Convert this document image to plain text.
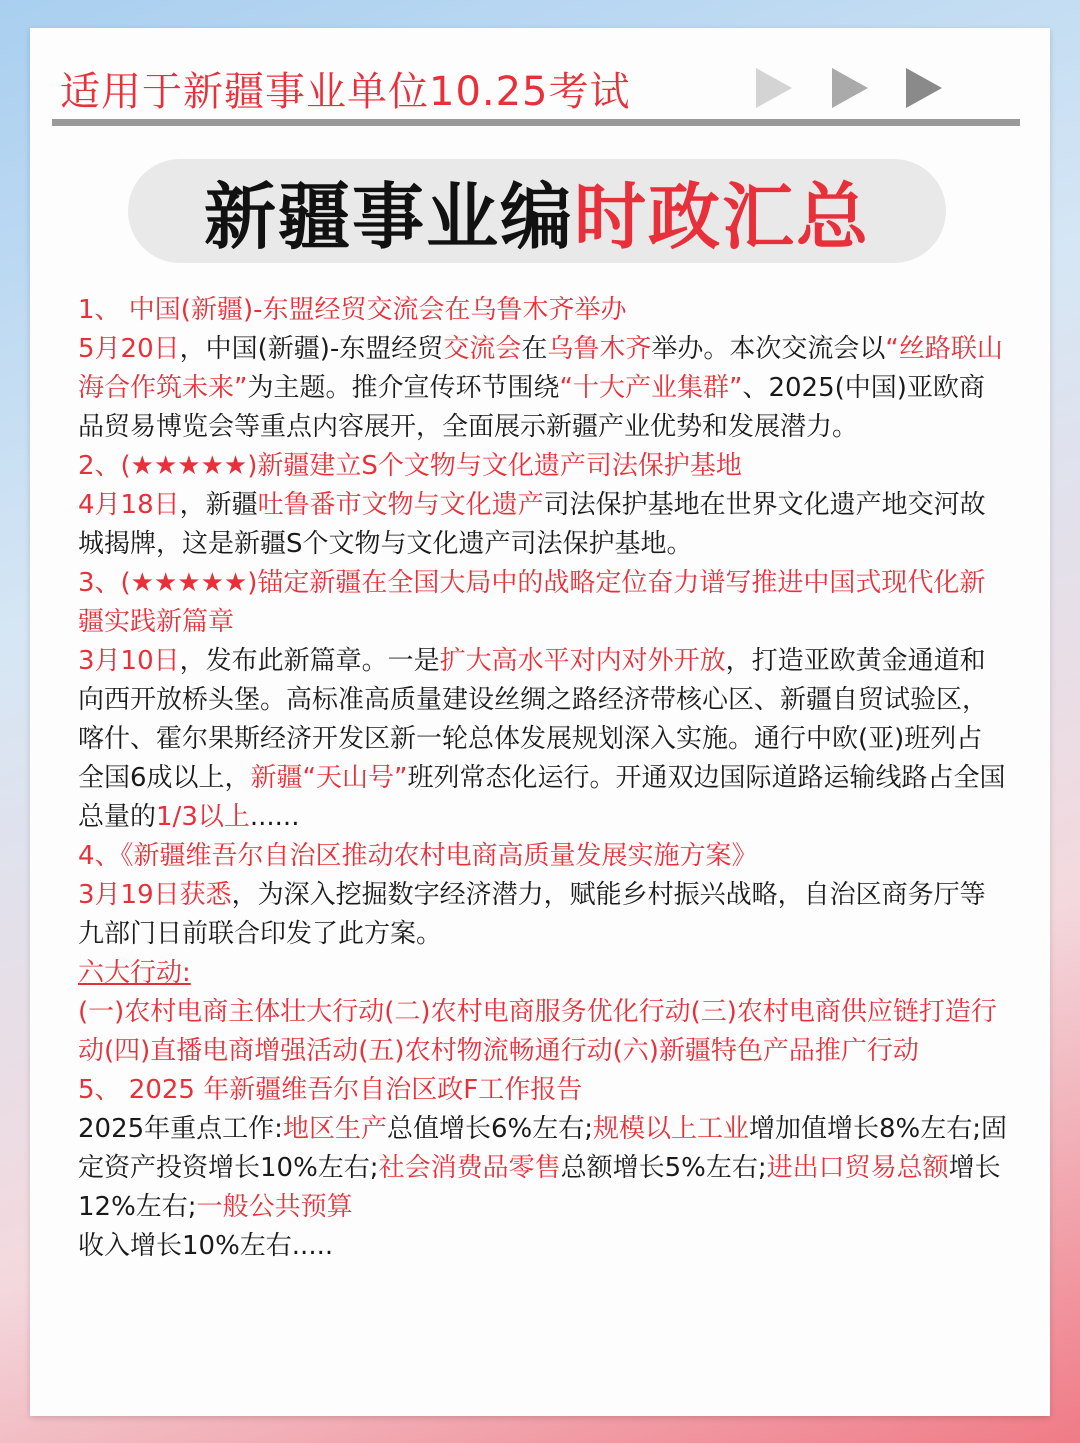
适用于新疆事业单位10.25考试
新疆事业编时政汇总

1、 中国(新疆)-东盟经贸交流会在乌鲁木齐举办

5月20日，中国(新疆)-东盟经贸交流会在乌鲁木齐举办。本次交流会以“丝路联山海合作筑未来”为主题。推介宣传环节围绕“十大产业集群”、2025(中国)亚欧商品贸易博览会等重点内容展开，全面展示新疆产业优势和发展潜力。

2、(★★★★★)新疆建立S个文物与文化遗产司法保护基地

4月18日，新疆吐鲁番市文物与文化遗产司法保护基地在世界文化遗产地交河故城揭牌，这是新疆S个文物与文化遗产司法保护基地。

3、(★★★★★)锚定新疆在全国大局中的战略定位奋力谱写推进中国式现代化新疆实践新篇章

3月10日，发布此新篇章。一是扩大高水平对内对外开放，打造亚欧黄金通道和向西开放桥头堡。高标准高质量建设丝绸之路经济带核心区、新疆自贸试验区，喀什、霍尔果斯经济开发区新一轮总体发展规划深入实施。通行中欧(亚)班列占全国6成以上，新疆“天山号”班列常态化运行。开通双边国际道路运输线路占全国总量的1/3以上......

4、《新疆维吾尔自治区推动农村电商高质量发展实施方案》

3月19日获悉，为深入挖掘数字经济潜力，赋能乡村振兴战略，自治区商务厅等九部门日前联合印发了此方案。

六大行动:

(一)农村电商主体壮大行动(二)农村电商服务优化行动(三)农村电商供应链打造行动(四)直播电商增强活动(五)农村物流畅通行动(六)新疆特色产品推广行动

5、 2025 年新疆维吾尔自治区政F工作报告

2025年重点工作:地区生产总值增长6%左右;规模以上工业增加值增长8%左右;固定资产投资增长10%左右;社会消费品零售总额增长5%左右;进出口贸易总额增长12%左右;一般公共预算

收入增长10%左右.....
